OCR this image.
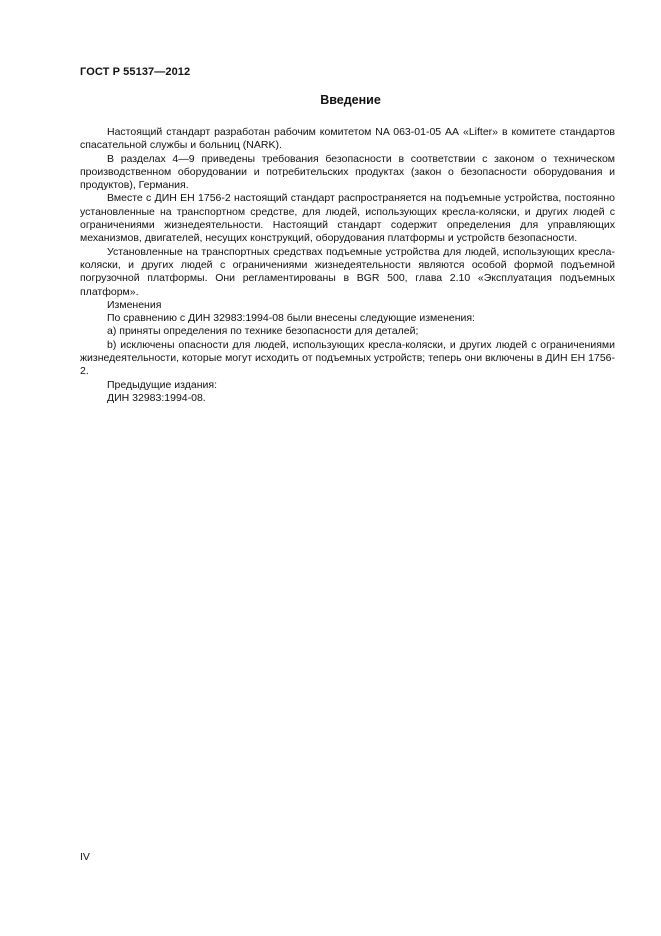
ГОСТ Р 55137—2012
Введение

Настоящий стандарт разработан рабочим комитетом NA 063-01-05 АА «Lifter» в комитете стандартов спасательной службы и больниц (NARK).

В разделах 4—9 приведены требования безопасности в соответствии с законом о техническом производственном оборудовании и потребительских продуктах (закон о безопасности оборудования и продуктов), Германия.

Вместе с ДИН ЕН 1756-2 настоящий стандарт распространяется на подъемные устройства, постоянно установленные на транспортном средстве, для людей, использующих кресла-коляски, и других людей с ограничениями жизнедеятельности. Настоящий стандарт содержит определения для управляющих механизмов, двигателей, несущих конструкций, оборудования платформы и устройств безопасности.

Установленные на транспортных средствах подъемные устройства для людей, использующих кресла-коляски, и других людей с ограничениями жизнедеятельности являются особой формой подъемной погрузочной платформы. Они регламентированы в BGR 500, глава 2.10 «Эксплуатация подъемных платформ».

Изменения

По сравнению с ДИН 32983:1994-08 были внесены следующие изменения:

a) приняты определения по технике безопасности для деталей;

b) исключены опасности для людей, использующих кресла-коляски, и других людей с ограничениями жизнедеятельности, которые могут исходить от подъемных устройств; теперь они включены в ДИН ЕН 1756-2.

Предыдущие издания:

ДИН 32983:1994-08.

IV
